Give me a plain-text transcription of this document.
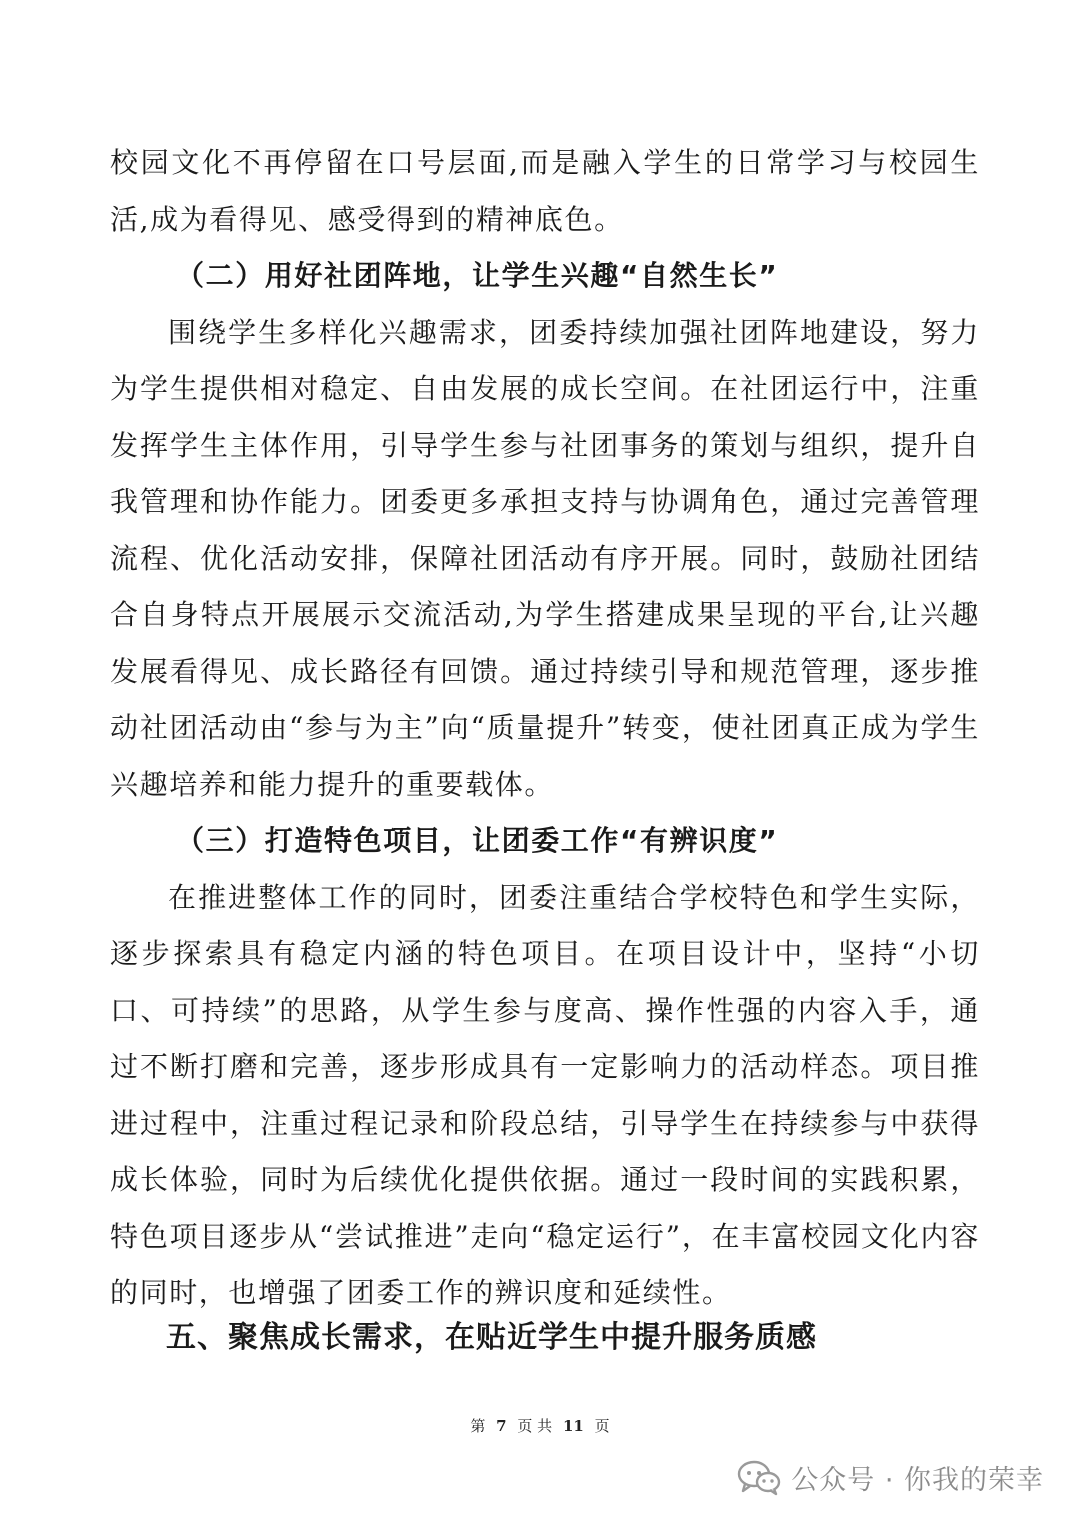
校园文化不再停留在口号层面,而是融入学生的日常学习与校园生活,成为看得见、感受得到的精神底色。

（二）用好社团阵地，让学生兴趣“自然生长”

围绕学生多样化兴趣需求，团委持续加强社团阵地建设，努力为学生提供相对稳定、自由发展的成长空间。在社团运行中，注重发挥学生主体作用，引导学生参与社团事务的策划与组织，提升自我管理和协作能力。团委更多承担支持与协调角色，通过完善管理流程、优化活动安排，保障社团活动有序开展。同时，鼓励社团结合自身特点开展展示交流活动,为学生搭建成果呈现的平台,让兴趣发展看得见、成长路径有回馈。通过持续引导和规范管理，逐步推动社团活动由“参与为主”向“质量提升”转变，使社团真正成为学生兴趣培养和能力提升的重要载体。

（三）打造特色项目，让团委工作“有辨识度”

在推进整体工作的同时，团委注重结合学校特色和学生实际，逐步探索具有稳定内涵的特色项目。在项目设计中，坚持“小切口、可持续”的思路，从学生参与度高、操作性强的内容入手，通过不断打磨和完善，逐步形成具有一定影响力的活动样态。项目推进过程中，注重过程记录和阶段总结，引导学生在持续参与中获得成长体验，同时为后续优化提供依据。通过一段时间的实践积累，特色项目逐步从“尝试推进”走向“稳定运行”，在丰富校园文化内容的同时，也增强了团委工作的辨识度和延续性。

五、聚焦成长需求，在贴近学生中提升服务质感
第 7 页 共 11 页
公众号 · 你我的荣幸
